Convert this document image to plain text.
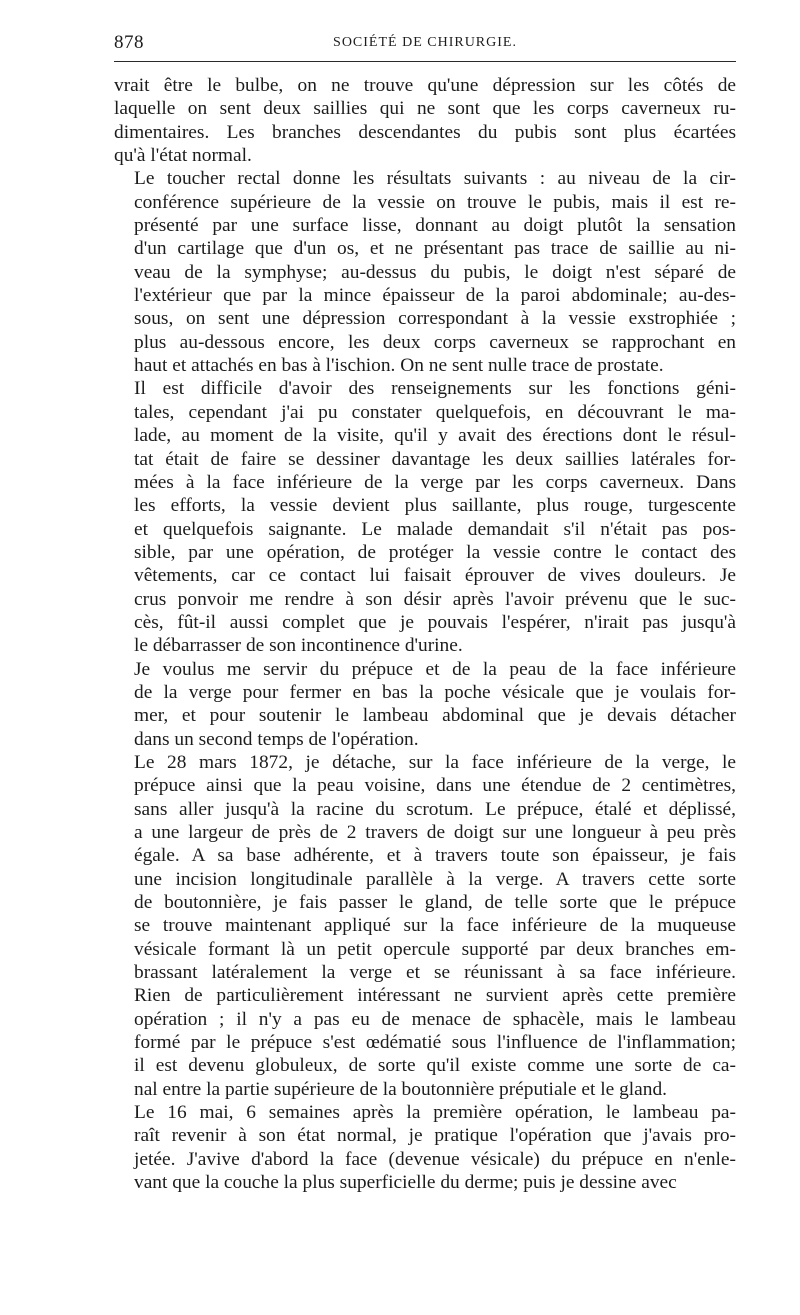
878	SOCIÉTÉ DE CHIRURGIE.

vrait être le bulbe, on ne trouve qu'une dépression sur les côtés de
laquelle on sent deux saillies qui ne sont que les corps caverneux ru-
dimentaires. Les branches descendantes du pubis sont plus écartées
qu'à l'état normal.

Le toucher rectal donne les résultats suivants : au niveau de la cir-
conférence supérieure de la vessie on trouve le pubis, mais il est re-
présenté par une surface lisse, donnant au doigt plutôt la sensation
d'un cartilage que d'un os, et ne présentant pas trace de saillie au ni-
veau de la symphyse; au-dessus du pubis, le doigt n'est séparé de
l'extérieur que par la mince épaisseur de la paroi abdominale; au-des-
sous, on sent une dépression correspondant à la vessie exstrophiée ;
plus au-dessous encore, les deux corps caverneux se rapprochant en
haut et attachés en bas à l'ischion. On ne sent nulle trace de prostate.

Il est difficile d'avoir des renseignements sur les fonctions géni-
tales, cependant j'ai pu constater quelquefois, en découvrant le ma-
lade, au moment de la visite, qu'il y avait des érections dont le résul-
tat était de faire se dessiner davantage les deux saillies latérales for-
mées à la face inférieure de la verge par les corps caverneux. Dans
les efforts, la vessie devient plus saillante, plus rouge, turgescente
et quelquefois saignante. Le malade demandait s'il n'était pas pos-
sible, par une opération, de protéger la vessie contre le contact des
vêtements, car ce contact lui faisait éprouver de vives douleurs. Je
crus ponvoir me rendre à son désir après l'avoir prévenu que le suc-
cès, fût-il aussi complet que je pouvais l'espérer, n'irait pas jusqu'à
le débarrasser de son incontinence d'urine.

Je voulus me servir du prépuce et de la peau de la face inférieure
de la verge pour fermer en bas la poche vésicale que je voulais for-
mer, et pour soutenir le lambeau abdominal que je devais détacher
dans un second temps de l'opération.

Le 28 mars 1872, je détache, sur la face inférieure de la verge, le
prépuce ainsi que la peau voisine, dans une étendue de 2 centimètres,
sans aller jusqu'à la racine du scrotum. Le prépuce, étalé et déplissé,
a une largeur de près de 2 travers de doigt sur une longueur à peu près
égale. A sa base adhérente, et à travers toute son épaisseur, je fais
une incision longitudinale parallèle à la verge. A travers cette sorte
de boutonnière, je fais passer le gland, de telle sorte que le prépuce
se trouve maintenant appliqué sur la face inférieure de la muqueuse
vésicale formant là un petit opercule supporté par deux branches em-
brassant latéralement la verge et se réunissant à sa face inférieure.
Rien de particulièrement intéressant ne survient après cette première
opération ; il n'y a pas eu de menace de sphacèle, mais le lambeau
formé par le prépuce s'est œdématié sous l'influence de l'inflammation;
il est devenu globuleux, de sorte qu'il existe comme une sorte de ca-
nal entre la partie supérieure de la boutonnière préputiale et le gland.

Le 16 mai, 6 semaines après la première opération, le lambeau pa-
raît revenir à son état normal, je pratique l'opération que j'avais pro-
jetée. J'avive d'abord la face (devenue vésicale) du prépuce en n'enle-
vant que la couche la plus superficielle du derme; puis je dessine avec
